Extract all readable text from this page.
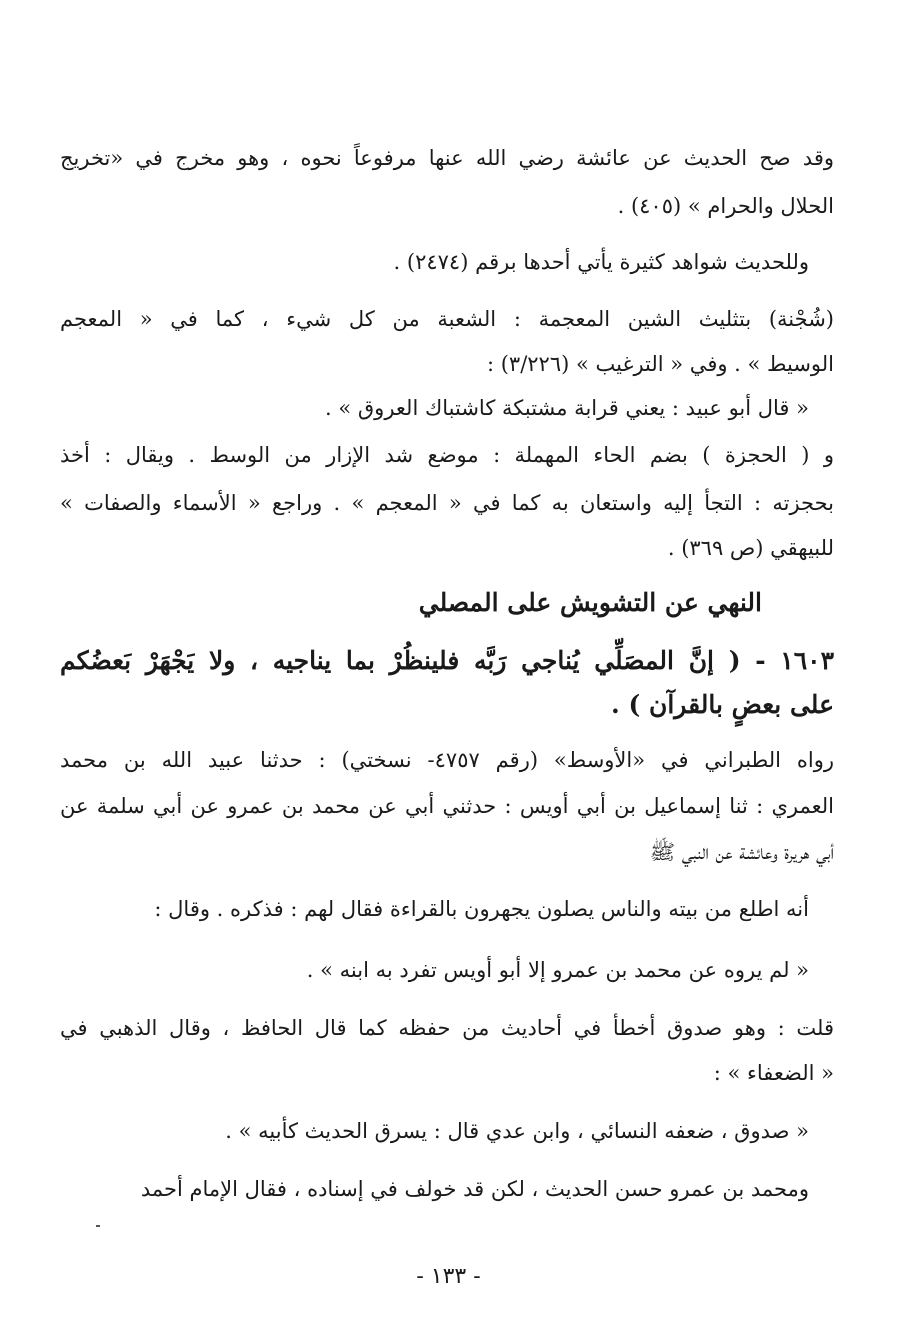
وقد صح الحديث عن عائشة رضي الله عنها مرفوعاً نحوه ، وهو مخرج في «تخريج
الحلال والحرام » (٤٠٥) .
وللحديث شواهد كثيرة يأتي أحدها برقم (٢٤٧٤) .
(شُجْنة) بتثليث الشين المعجمة : الشعبة من كل شيء ، كما في « المعجم
الوسيط » . وفي « الترغيب » (٣/٢٢٦) :
« قال أبو عبيد : يعني قرابة مشتبكة كاشتباك العروق » .
و ( الحجزة ) بضم الحاء المهملة : موضع شد الإزار من الوسط . ويقال : أخذ
بحجزته : التجأ إليه واستعان به كما في « المعجم » . وراجع « الأسماء والصفات »
للبيهقي (ص ٣٦٩) .
النهي عن التشويش على المصلي
١٦٠٣ - ( إنَّ المصَلِّي يُناجي رَبَّه فلينظُرْ بما يناجيه ، ولا يَجْهَرْ بَعضُكم
على بعضٍ بالقرآن ) .
رواه الطبراني في «الأوسط» (رقم ٤٧٥٧- نسختي) : حدثنا عبيد الله بن محمد
العمري : ثنا إسماعيل بن أبي أويس : حدثني أبي عن محمد بن عمرو عن أبي سلمة عن
أبي هريرة وعائشة عن النبي ﷺ
أنه اطلع من بيته والناس يصلون يجهرون بالقراءة فقال لهم : فذكره . وقال :
« لم يروه عن محمد بن عمرو إلا أبو أويس تفرد به ابنه » .
قلت : وهو صدوق أخطأ في أحاديث من حفظه كما قال الحافظ ، وقال الذهبي في
« الضعفاء » :
« صدوق ، ضعفه النسائي ، وابن عدي قال : يسرق الحديث كأبيه » .
ومحمد بن عمرو حسن الحديث ، لكن قد خولف في إسناده ، فقال الإمام أحمد
- ١٣٣ -
